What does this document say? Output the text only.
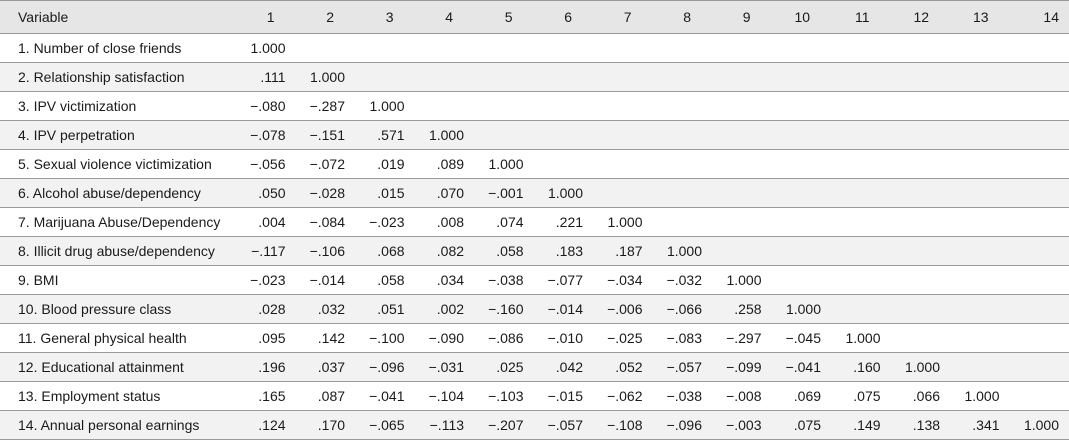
Variable	1	2	3	4	5	6	7	8	9	10	11	12	13	14
1. Number of close friends	1.000													
2. Relationship satisfaction	.111	1.000												
3. IPV victimization	−.080	−.287	1.000											
4. IPV perpetration	−.078	−.151	.571	1.000										
5. Sexual violence victimization	−.056	−.072	.019	.089	1.000									
6. Alcohol abuse/dependency	.050	−.028	.015	.070	−.001	1.000								
7. Marijuana Abuse/Dependency	.004	−.084	−.023	.008	.074	.221	1.000							
8. Illicit drug abuse/dependency	−.117	−.106	.068	.082	.058	.183	.187	1.000						
9. BMI	−.023	−.014	.058	.034	−.038	−.077	−.034	−.032	1.000					
10. Blood pressure class	.028	.032	.051	.002	−.160	−.014	−.006	−.066	.258	1.000				
11. General physical health	.095	.142	−.100	−.090	−.086	−.010	−.025	−.083	−.297	−.045	1.000			
12. Educational attainment	.196	.037	−.096	−.031	.025	.042	.052	−.057	−.099	−.041	.160	1.000		
13. Employment status	.165	.087	−.041	−.104	−.103	−.015	−.062	−.038	−.008	.069	.075	.066	1.000	
14. Annual personal earnings	.124	.170	−.065	−.113	−.207	−.057	−.108	−.096	−.003	.075	.149	.138	.341	1.000
